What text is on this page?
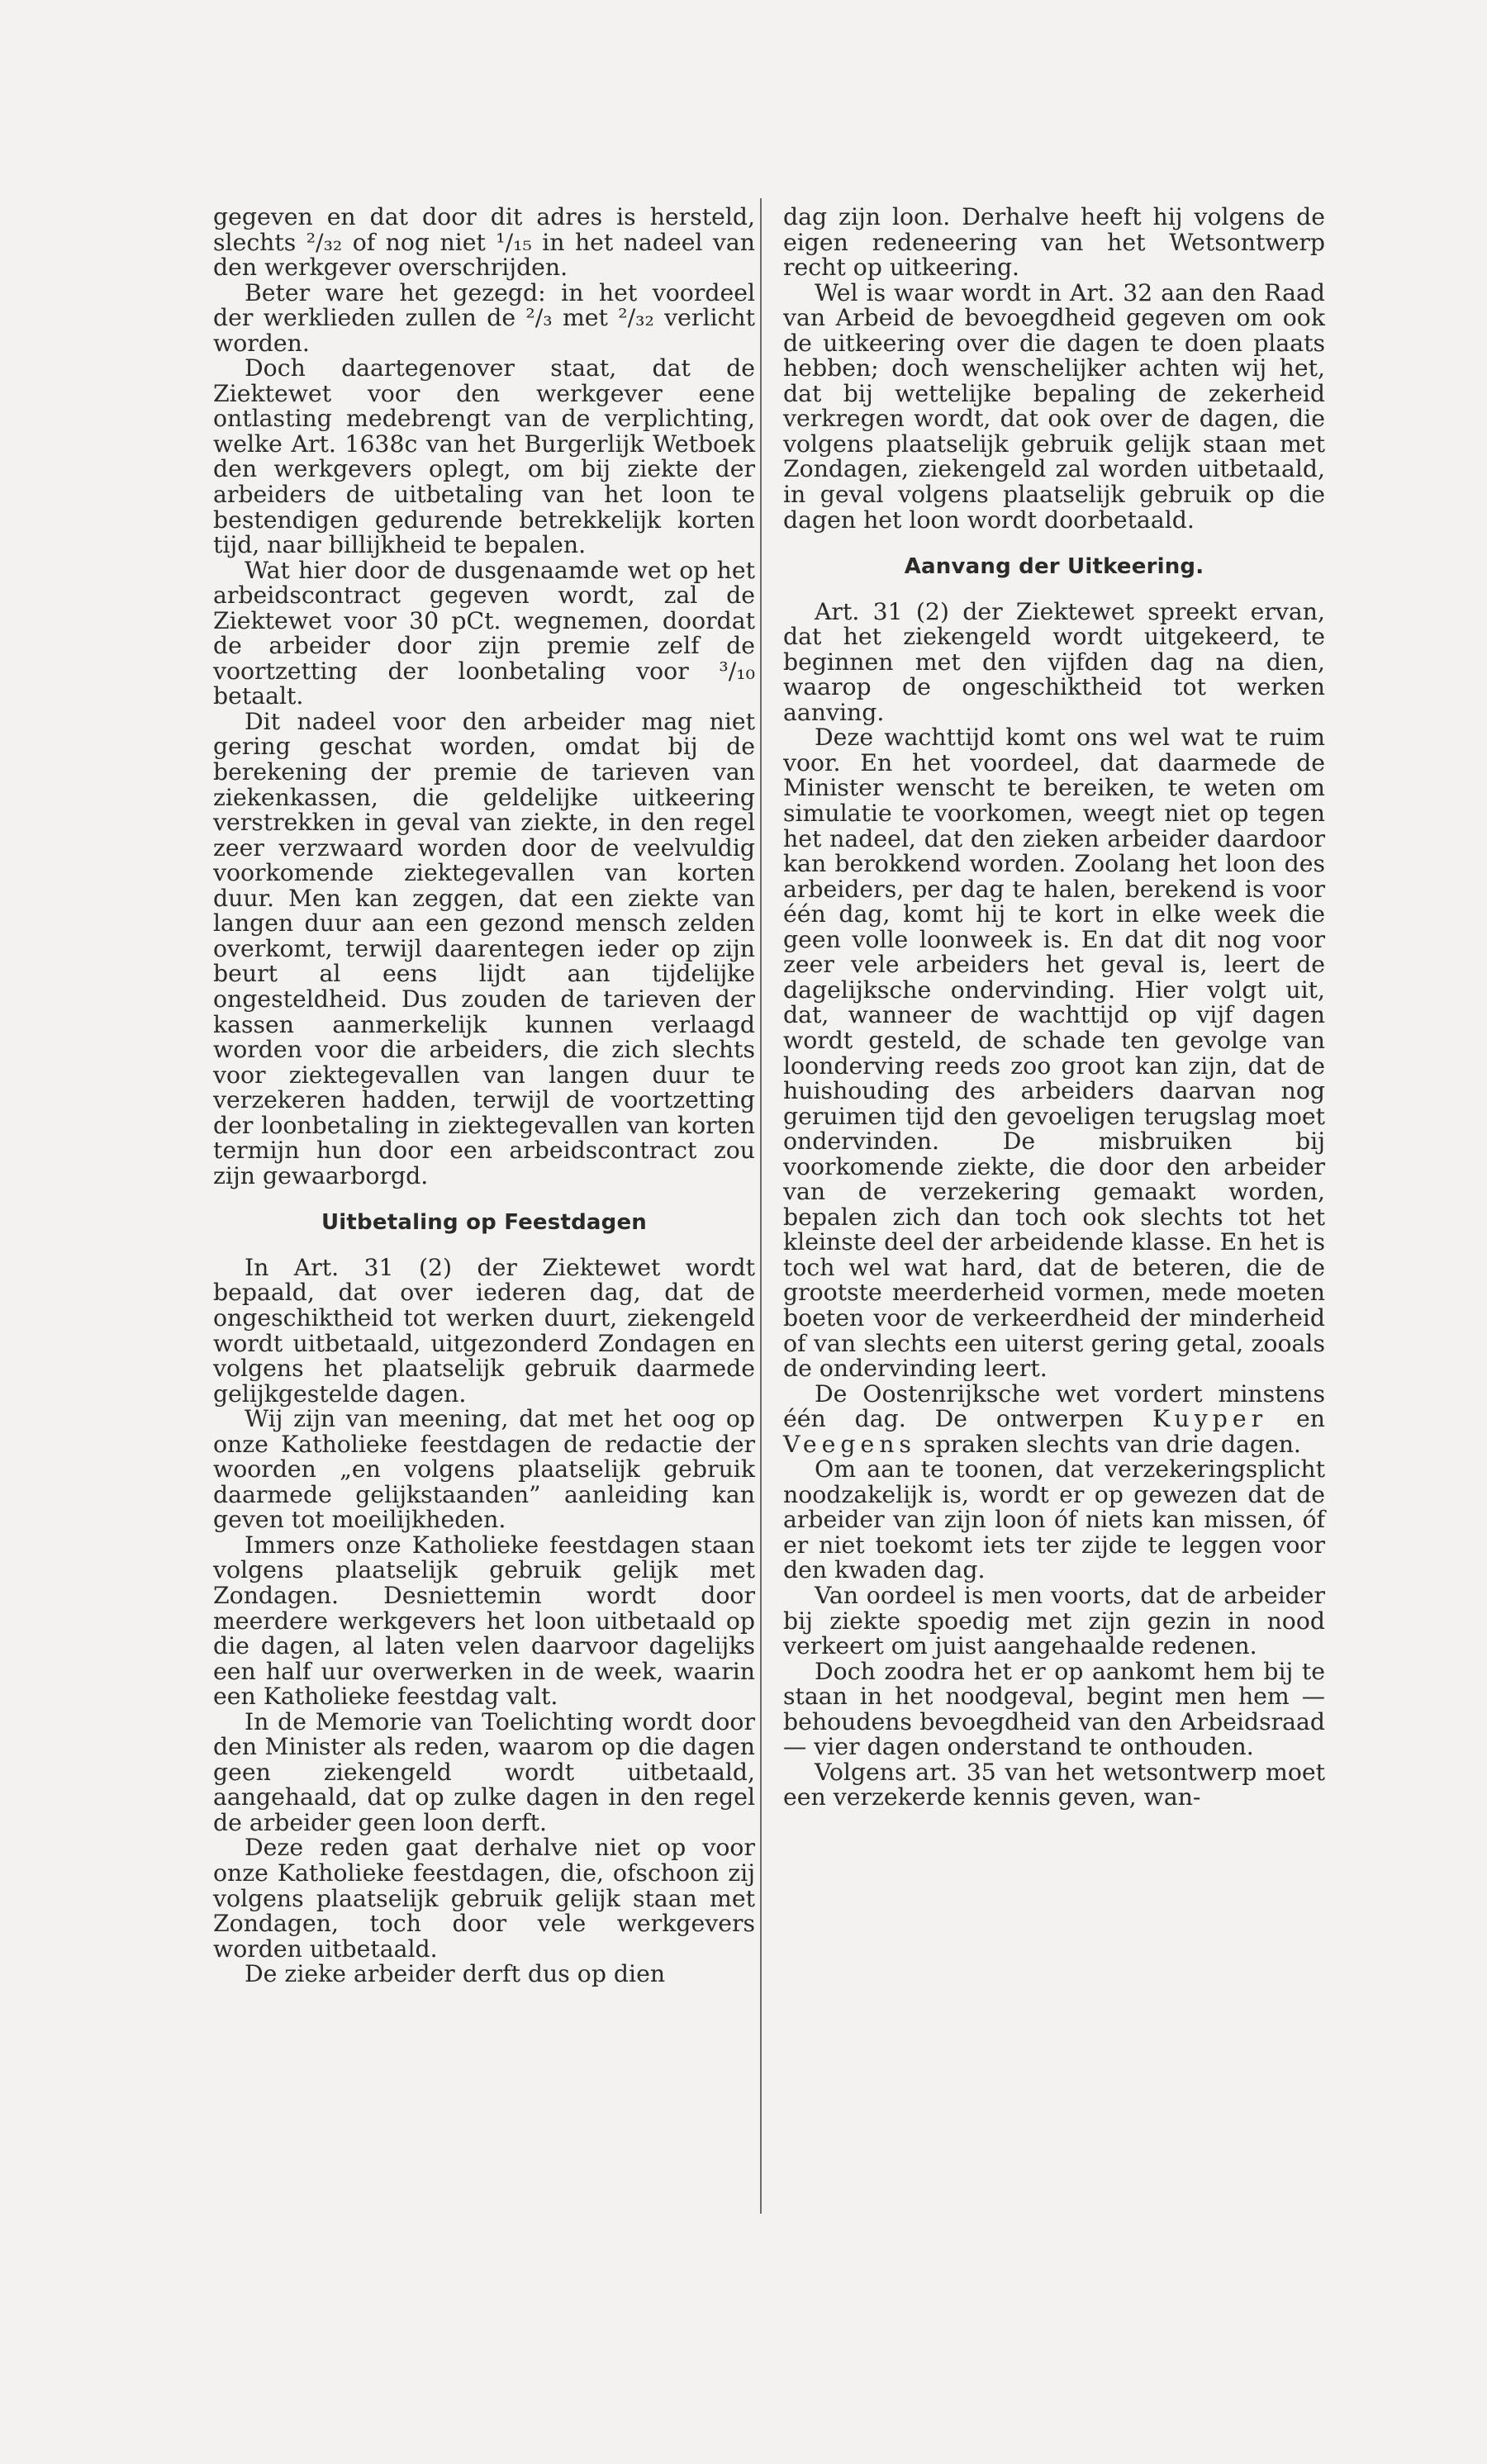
gegeven en dat door dit adres is hersteld, slechts ²/₃₂ of nog niet ¹/₁₅ in het nadeel van den werkgever overschrijden.

Beter ware het gezegd: in het voordeel der werklieden zullen de ²/₃ met ²/₃₂ verlicht worden.

Doch daartegenover staat, dat de Ziektewet voor den werkgever eene ontlasting medebrengt van de verplichting, welke Art. 1638c van het Burgerlijk Wetboek den werkgevers oplegt, om bij ziekte der arbeiders de uitbetaling van het loon te bestendigen gedurende betrekkelijk korten tijd, naar billijkheid te bepalen.

Wat hier door de dusgenaamde wet op het arbeidscontract gegeven wordt, zal de Ziektewet voor 30 pCt. wegnemen, doordat de arbeider door zijn premie zelf de voortzetting der loonbetaling voor ³/₁₀ betaalt.

Dit nadeel voor den arbeider mag niet gering geschat worden, omdat bij de berekening der premie de tarieven van ziekenkassen, die geldelijke uitkeering verstrekken in geval van ziekte, in den regel zeer verzwaard worden door de veelvuldig voorkomende ziektegevallen van korten duur. Men kan zeggen, dat een ziekte van langen duur aan een gezond mensch zelden overkomt, terwijl daarentegen ieder op zijn beurt al eens lijdt aan tijdelijke ongesteldheid. Dus zouden de tarieven der kassen aanmerkelijk kunnen verlaagd worden voor die arbeiders, die zich slechts voor ziektegevallen van langen duur te verzekeren hadden, terwijl de voortzetting der loonbetaling in ziektegevallen van korten termijn hun door een arbeidscontract zou zijn gewaarborgd.

Uitbetaling op Feestdagen

In Art. 31 (2) der Ziektewet wordt bepaald, dat over iederen dag, dat de ongeschiktheid tot werken duurt, ziekengeld wordt uitbetaald, uitgezonderd Zondagen en volgens het plaatselijk gebruik daarmede gelijkgestelde dagen.

Wij zijn van meening, dat met het oog op onze Katholieke feestdagen de redactie der woorden „en volgens plaatselijk gebruik daarmede gelijkstaanden” aanleiding kan geven tot moeilijkheden.

Immers onze Katholieke feestdagen staan volgens plaatselijk gebruik gelijk met Zondagen. Desniettemin wordt door meerdere werkgevers het loon uitbetaald op die dagen, al laten velen daarvoor dagelijks een half uur overwerken in de week, waarin een Katholieke feestdag valt.

In de Memorie van Toelichting wordt door den Minister als reden, waarom op die dagen geen ziekengeld wordt uitbetaald, aangehaald, dat op zulke dagen in den regel de arbeider geen loon derft.

Deze reden gaat derhalve niet op voor onze Katholieke feestdagen, die, ofschoon zij volgens plaatselijk gebruik gelijk staan met Zondagen, toch door vele werkgevers worden uitbetaald.

De zieke arbeider derft dus op dien

dag zijn loon. Derhalve heeft hij volgens de eigen redeneering van het Wetsontwerp recht op uitkeering.

Wel is waar wordt in Art. 32 aan den Raad van Arbeid de bevoegdheid gegeven om ook de uitkeering over die dagen te doen plaats hebben; doch wenschelijker achten wij het, dat bij wettelijke bepaling de zekerheid verkregen wordt, dat ook over de dagen, die volgens plaatselijk gebruik gelijk staan met Zondagen, ziekengeld zal worden uitbetaald, in geval volgens plaatselijk gebruik op die dagen het loon wordt doorbetaald.

Aanvang der Uitkeering.

Art. 31 (2) der Ziektewet spreekt ervan, dat het ziekengeld wordt uitgekeerd, te beginnen met den vijfden dag na dien, waarop de ongeschiktheid tot werken aanving.

Deze wachttijd komt ons wel wat te ruim voor. En het voordeel, dat daarmede de Minister wenscht te bereiken, te weten om simulatie te voorkomen, weegt niet op tegen het nadeel, dat den zieken arbeider daardoor kan berokkend worden. Zoolang het loon des arbeiders, per dag te halen, berekend is voor één dag, komt hij te kort in elke week die geen volle loonweek is. En dat dit nog voor zeer vele arbeiders het geval is, leert de dagelijksche ondervinding. Hier volgt uit, dat, wanneer de wachttijd op vijf dagen wordt gesteld, de schade ten gevolge van loonderving reeds zoo groot kan zijn, dat de huishouding des arbeiders daarvan nog geruimen tijd den gevoeligen terugslag moet ondervinden. De misbruiken bij voorkomende ziekte, die door den arbeider van de verzekering gemaakt worden, bepalen zich dan toch ook slechts tot het kleinste deel der arbeidende klasse. En het is toch wel wat hard, dat de beteren, die de grootste meerderheid vormen, mede moeten boeten voor de verkeerdheid der minderheid of van slechts een uiterst gering getal, zooals de ondervinding leert.

De Oostenrijksche wet vordert minstens één dag. De ontwerpen Kuyper en Veegens spraken slechts van drie dagen.

Om aan te toonen, dat verzekeringsplicht noodzakelijk is, wordt er op gewezen dat de arbeider van zijn loon óf niets kan missen, óf er niet toekomt iets ter zijde te leggen voor den kwaden dag.

Van oordeel is men voorts, dat de arbeider bij ziekte spoedig met zijn gezin in nood verkeert om juist aangehaalde redenen.

Doch zoodra het er op aankomt hem bij te staan in het noodgeval, begint men hem — behoudens bevoegdheid van den Arbeidsraad — vier dagen onderstand te onthouden.

Volgens art. 35 van het wetsontwerp moet een verzekerde kennis geven, wan-
